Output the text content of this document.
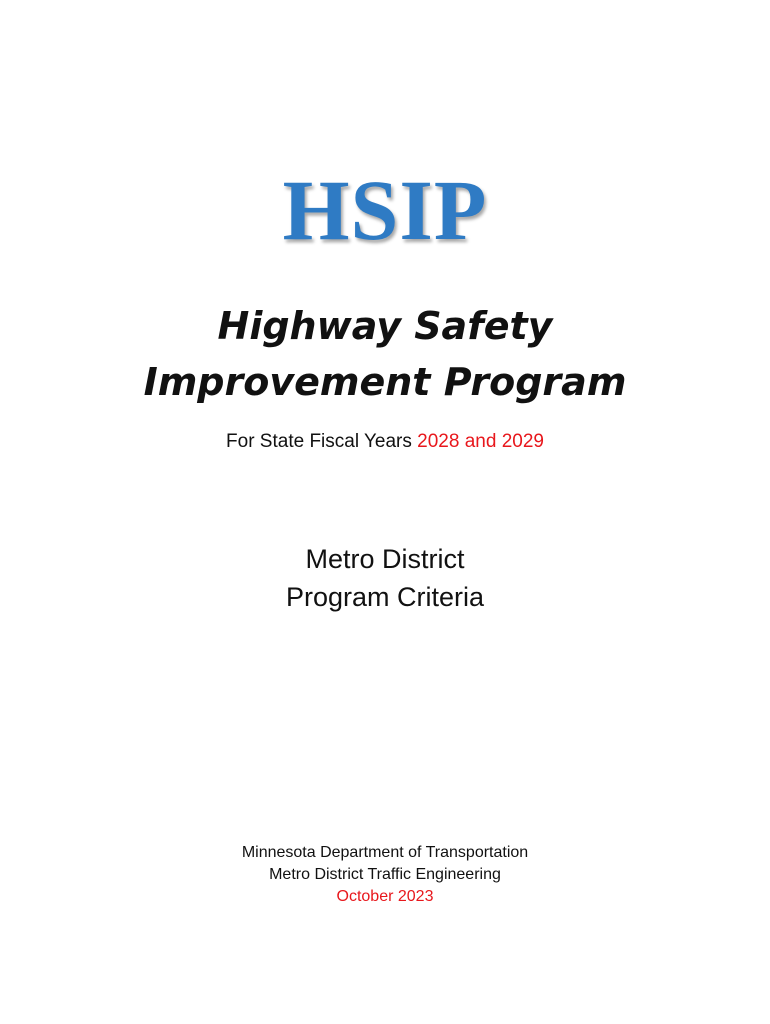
HSIP
Highway Safety
Improvement Program

For State Fiscal Years 2028 and 2029

Metro District
Program Criteria
Minnesota Department of Transportation
Metro District Traffic Engineering
October 2023
